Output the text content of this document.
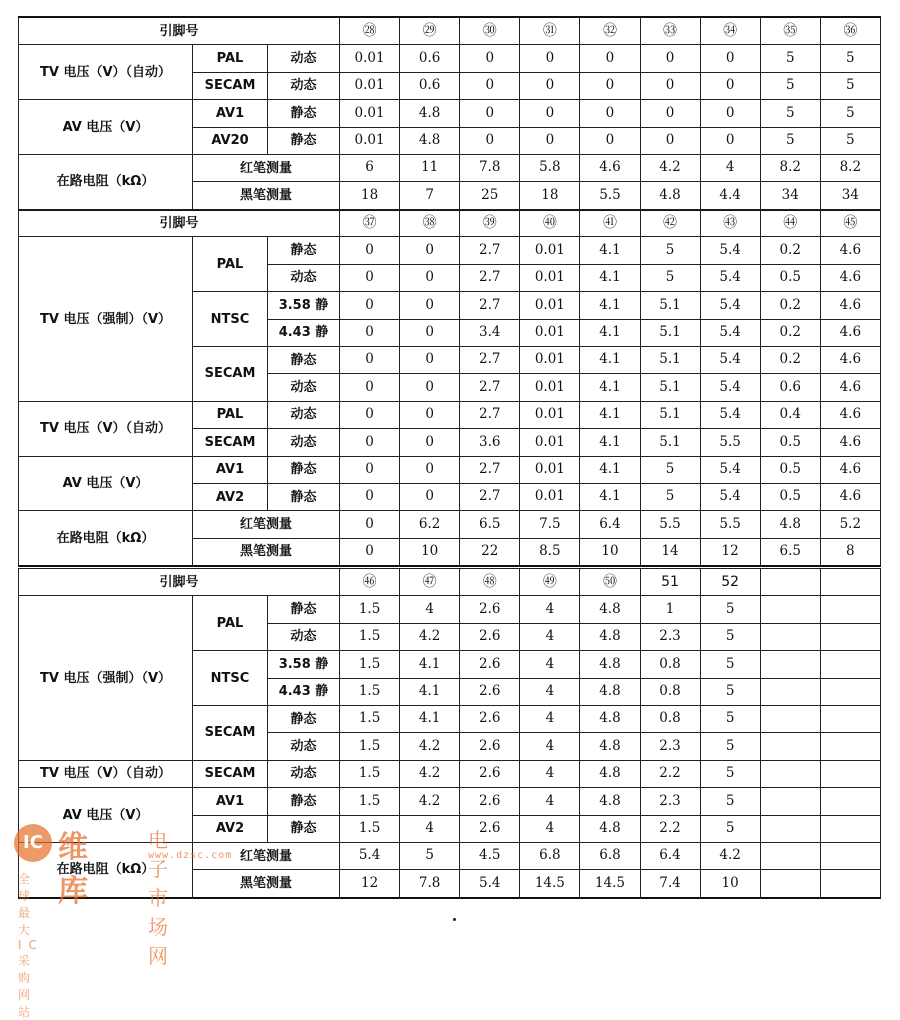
引脚号			㉘	㉙	㉚	㉛	㉜	㉝	㉞	㉟	㊱
TV 电压（V）（自动）	PAL	动态	0.01	0.6	0	0	0	0	0	5	5
	SECAM	动态	0.01	0.6	0	0	0	0	0	5	5
AV 电压（V）	AV1	静态	0.01	4.8	0	0	0	0	0	5	5
	AV20	静态	0.01	4.8	0	0	0	0	0	5	5
在路电阻（kΩ）	红笔测量		6	11	7.8	5.8	4.6	4.2	4	8.2	8.2
	黑笔测量		18	7	25	18	5.5	4.8	4.4	34	34
引脚号			㊲	㊳	㊴	㊵	㊶	㊷	㊸	㊹	㊺
TV 电压（强制）（V）	PAL	静态	0	0	2.7	0.01	4.1	5	5.4	0.2	4.6
		动态	0	0	2.7	0.01	4.1	5	5.4	0.5	4.6
	NTSC	3.58 静	0	0	2.7	0.01	4.1	5.1	5.4	0.2	4.6
		4.43 静	0	0	3.4	0.01	4.1	5.1	5.4	0.2	4.6
	SECAM	静态	0	0	2.7	0.01	4.1	5.1	5.4	0.2	4.6
		动态	0	0	2.7	0.01	4.1	5.1	5.4	0.6	4.6
TV 电压（V）（自动）	PAL	动态	0	0	2.7	0.01	4.1	5.1	5.4	0.4	4.6
	SECAM	动态	0	0	3.6	0.01	4.1	5.1	5.5	0.5	4.6
AV 电压（V）	AV1	静态	0	0	2.7	0.01	4.1	5	5.4	0.5	4.6
	AV2	静态	0	0	2.7	0.01	4.1	5	5.4	0.5	4.6
在路电阻（kΩ）	红笔测量		0	6.2	6.5	7.5	6.4	5.5	5.5	4.8	5.2
	黑笔测量		0	10	22	8.5	10	14	12	6.5	8
引脚号			㊻	㊼	㊽	㊾	㊿	51	52		
TV 电压（强制）（V）	PAL	静态	1.5	4	2.6	4	4.8	1	5		
		动态	1.5	4.2	2.6	4	4.8	2.3	5		
	NTSC	3.58 静	1.5	4.1	2.6	4	4.8	0.8	5		
		4.43 静	1.5	4.1	2.6	4	4.8	0.8	5		
	SECAM	静态	1.5	4.1	2.6	4	4.8	0.8	5		
		动态	1.5	4.2	2.6	4	4.8	2.3	5		
TV 电压（V）（自动）	SECAM	动态	1.5	4.2	2.6	4	4.8	2.2	5		
AV 电压（V）	AV1	静态	1.5	4.2	2.6	4	4.8	2.3	5		
	AV2	静态	1.5	4	2.6	4	4.8	2.2	5		
在路电阻（kΩ）	红笔测量		5.4	5	4.5	6.8	6.8	6.4	4.2		
	黑笔测量		12	7.8	5.4	14.5	14.5	7.4	10		
IC 维库
电子市场网
www.dzsc.com
全球最大IC采购网站
